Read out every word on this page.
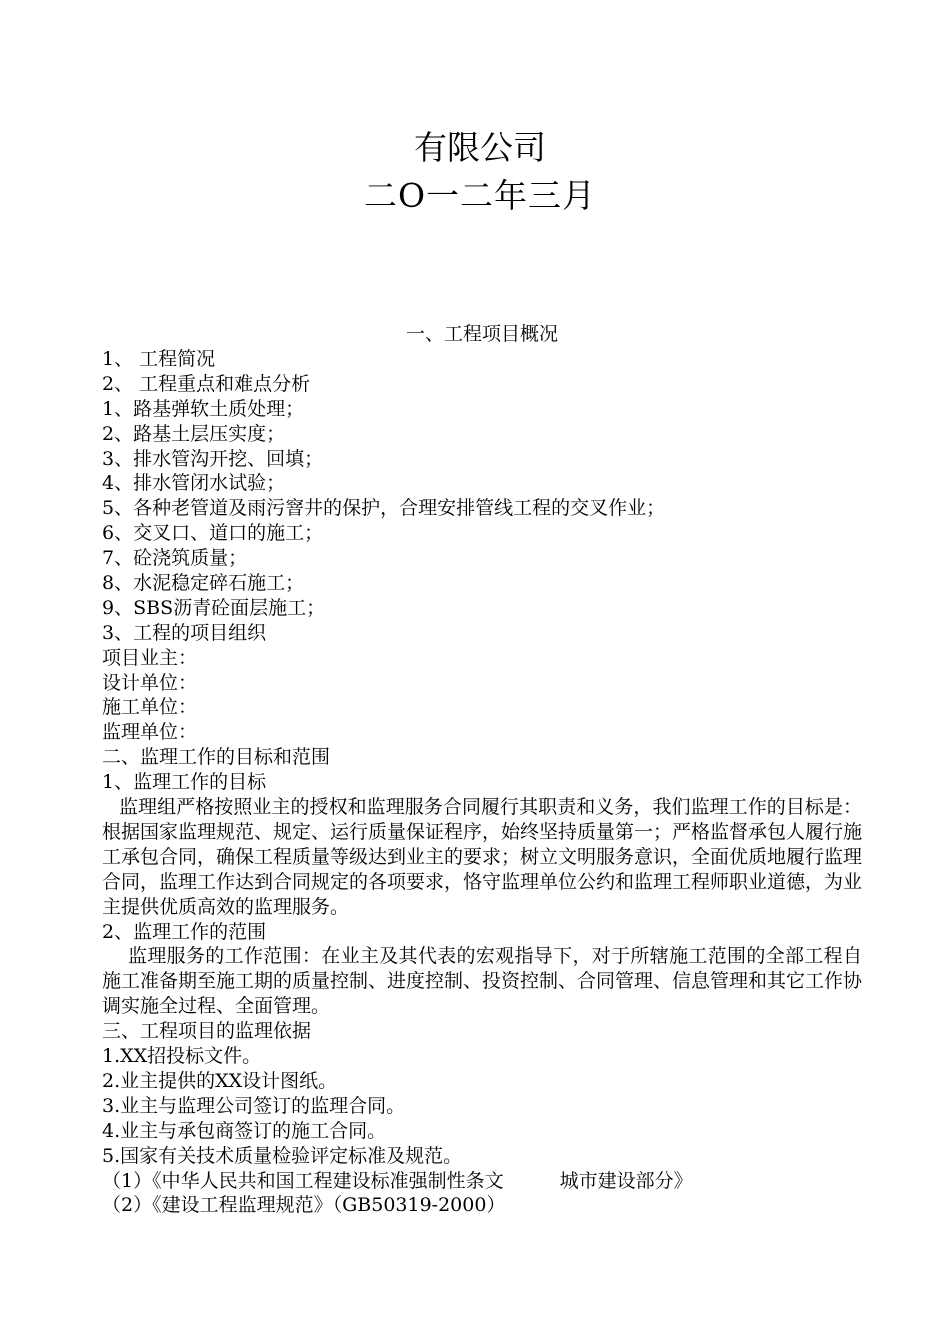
有限公司
二O一二年三月
一、工程项目概况
1、 工程简况
2、 工程重点和难点分析
1、路基弹软土质处理；
2、路基土层压实度；
3、排水管沟开挖、回填；
4、排水管闭水试验；
5、各种老管道及雨污窨井的保护，合理安排管线工程的交叉作业；
6、交叉口、道口的施工；
7、砼浇筑质量；
8、水泥稳定碎石施工；
9、SBS沥青砼面层施工；
3、工程的项目组织
项目业主：
设计单位：
施工单位：
监理单位：
二、监理工作的目标和范围
1、监理工作的目标

监理组严格按照业主的授权和监理服务合同履行其职责和义务，我们监理工作的目标是：根据国家监理规范、规定、运行质量保证程序，始终坚持质量第一；严格监督承包人履行施工承包合同，确保工程质量等级达到业主的要求；树立文明服务意识，全面优质地履行监理合同，监理工作达到合同规定的各项要求，恪守监理单位公约和监理工程师职业道德，为业主提供优质高效的监理服务。

2、监理工作的范围

监理服务的工作范围：在业主及其代表的宏观指导下，对于所辖施工范围的全部工程自施工准备期至施工期的质量控制、进度控制、投资控制、合同管理、信息管理和其它工作协调实施全过程、全面管理。

三、工程项目的监理依据
1.XX招投标文件。
2.业主提供的XX设计图纸。
3.业主与监理公司签订的监理合同。
4.业主与承包商签订的施工合同。
5.国家有关技术质量检验评定标准及规范。
（1）《中华人民共和国工程建设标准强制性条文	城市建设部分》
（2）《建设工程监理规范》（GB50319-2000）
